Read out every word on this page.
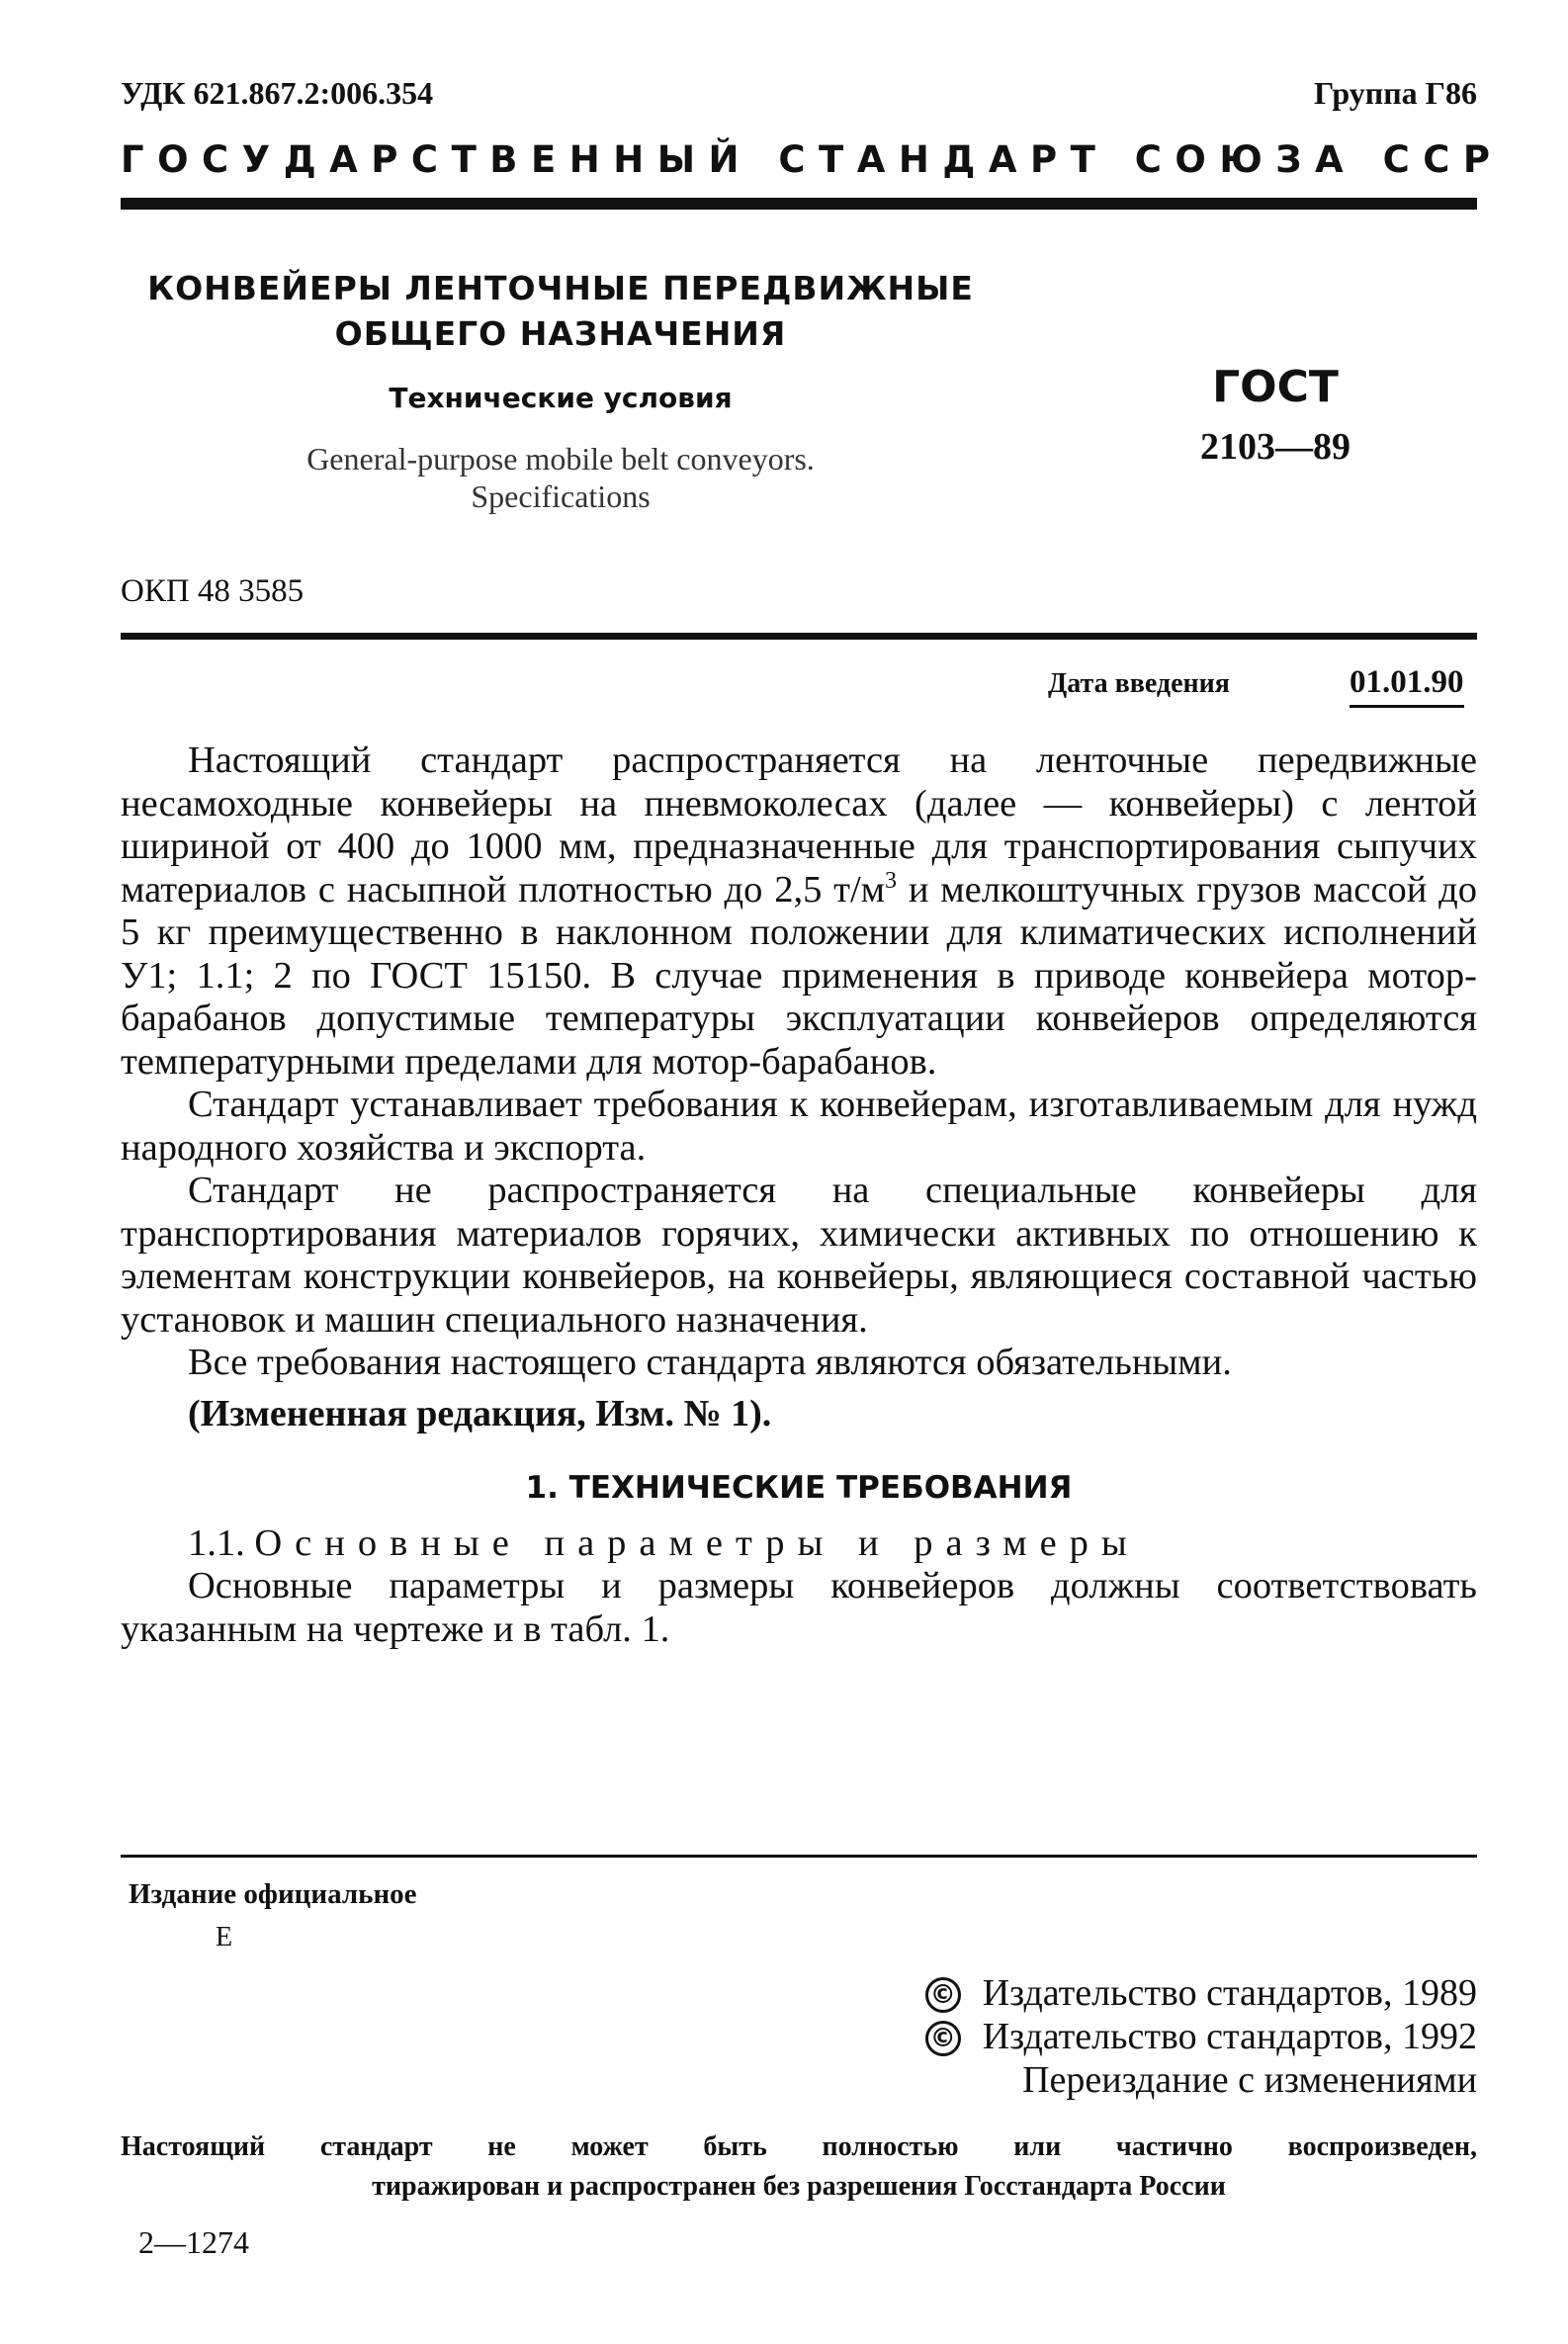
УДК 621.867.2:006.354	Группа Г86
ГОСУДАРСТВЕННЫЙ СТАНДАРТ СОЮЗА ССР
КОНВЕЙЕРЫ ЛЕНТОЧНЫЕ ПЕРЕДВИЖНЫЕ
ОБЩЕГО НАЗНАЧЕНИЯ
Технические условия
General-purpose mobile belt conveyors.
Specifications
ГОСТ
2103—89
ОКП 48 3585
Дата введения	01.01.90

Настоящий стандарт распространяется на ленточные передвижные несамоходные конвейеры на пневмоколесах (далее — конвейеры) с лентой шириной от 400 до 1000 мм, предназначенные для транспортирования сыпучих материалов с насыпной плотностью до 2,5 $т/м^3$ и мелкоштучных грузов массой до 5 кг преимущественно в наклонном положении для климатических исполнений У1; 1.1; 2 по ГОСТ 15150. В случае применения в приводе конвейера мотор-барабанов допустимые температуры эксплуатации конвейеров определяются температурными пределами для мотор-барабанов.

Стандарт устанавливает требования к конвейерам, изготавливаемым для нужд народного хозяйства и экспорта.

Стандарт не распространяется на специальные конвейеры для транспортирования материалов горячих, химически активных по отношению к элементам конструкции конвейеров, на конвейеры, являющиеся составной частью установок и машин специального назначения.

Все требования настоящего стандарта являются обязательными.

(Измененная редакция, Изм. № 1).

1. ТЕХНИЧЕСКИЕ ТРЕБОВАНИЯ

1.1. Основные параметры и размеры

Основные параметры и размеры конвейеров должны соответствовать указанным на чертеже и в табл. 1.

Издание официальное
Е
© Издательство стандартов, 1989
© Издательство стандартов, 1992
Переиздание с изменениями
Настоящий стандарт не может быть полностью или частично воспроизведен,
тиражирован и распространен без разрешения Госстандарта России
2—1274
